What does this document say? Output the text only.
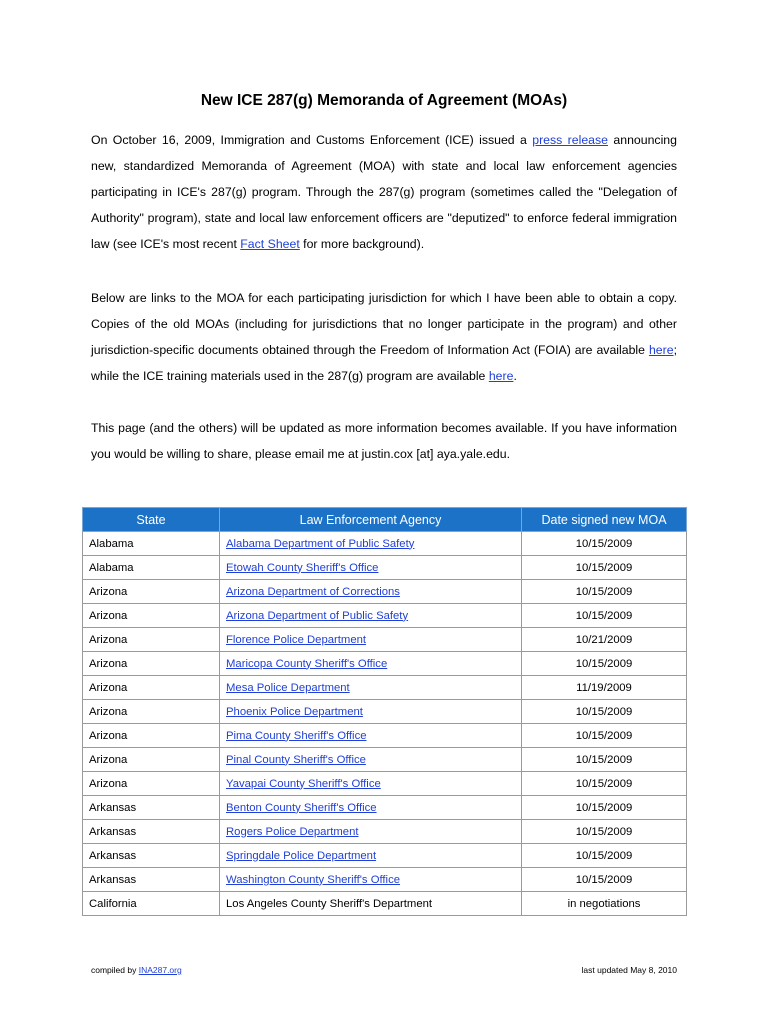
New ICE 287(g) Memoranda of Agreement (MOAs)

On October 16, 2009, Immigration and Customs Enforcement (ICE) issued a press release announcing new, standardized Memoranda of Agreement (MOA) with state and local law enforcement agencies participating in ICE's 287(g) program. Through the 287(g) program (sometimes called the "Delegation of Authority" program), state and local law enforcement officers are "deputized" to enforce federal immigration law (see ICE's most recent Fact Sheet for more background).

Below are links to the MOA for each participating jurisdiction for which I have been able to obtain a copy. Copies of the old MOAs (including for jurisdictions that no longer participate in the program) and other jurisdiction-specific documents obtained through the Freedom of Information Act (FOIA) are available here; while the ICE training materials used in the 287(g) program are available here.

This page (and the others) will be updated as more information becomes available. If you have information you would be willing to share, please email me at justin.cox [at] aya.yale.edu.

State	Law Enforcement Agency	Date signed new MOA
Alabama	Alabama Department of Public Safety	10/15/2009
Alabama	Etowah County Sheriff's Office	10/15/2009
Arizona	Arizona Department of Corrections	10/15/2009
Arizona	Arizona Department of Public Safety	10/15/2009
Arizona	Florence Police Department	10/21/2009
Arizona	Maricopa County Sheriff's Office	10/15/2009
Arizona	Mesa Police Department	11/19/2009
Arizona	Phoenix Police Department	10/15/2009
Arizona	Pima County Sheriff's Office	10/15/2009
Arizona	Pinal County Sheriff's Office	10/15/2009
Arizona	Yavapai County Sheriff's Office	10/15/2009
Arkansas	Benton County Sheriff's Office	10/15/2009
Arkansas	Rogers Police Department	10/15/2009
Arkansas	Springdale Police Department	10/15/2009
Arkansas	Washington County Sheriff's Office	10/15/2009
California	Los Angeles County Sheriff's Department	in negotiations
compiled by INA287.org	last updated May 8, 2010
